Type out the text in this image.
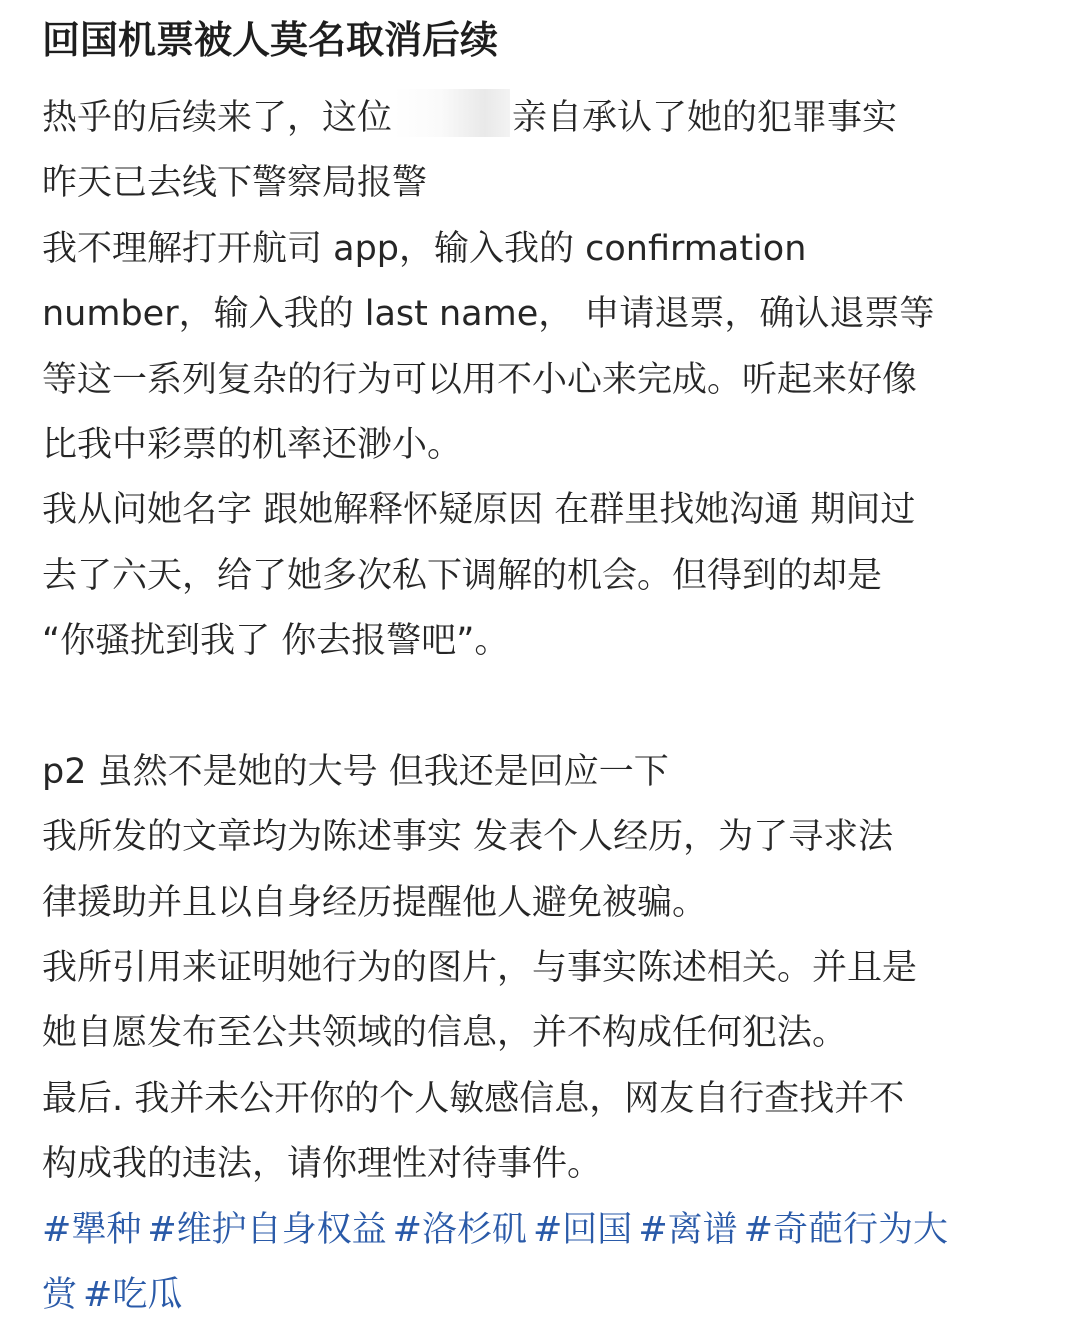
回国机票被人莫名取消后续
热乎的后续来了，这位	亲自承认了她的犯罪事实
昨天已去线下警察局报警
我不理解打开航司 app，输入我的 confirmation
number，输入我的 last name， 申请退票，确认退票等
等这一系列复杂的行为可以用不小心来完成。听起来好像
比我中彩票的机率还渺小。
我从问她名字 跟她解释怀疑原因 在群里找她沟通 期间过
去了六天，给了她多次私下调解的机会。但得到的却是
“你骚扰到我了 你去报警吧”。
p2 虽然不是她的大号 但我还是回应一下
我所发的文章均为陈述事实 发表个人经历，为了寻求法
律援助并且以自身经历提醒他人避免被骗。
我所引用来证明她行为的图片，与事实陈述相关。并且是
她自愿发布至公共领域的信息，并不构成任何犯法。
最后. 我并未公开你的个人敏感信息，网友自行查找并不
构成我的违法，请你理性对待事件。
#犟种 #维护自身权益 #洛杉矶 #回国 #离谱 #奇葩行为大
赏 #吃瓜
